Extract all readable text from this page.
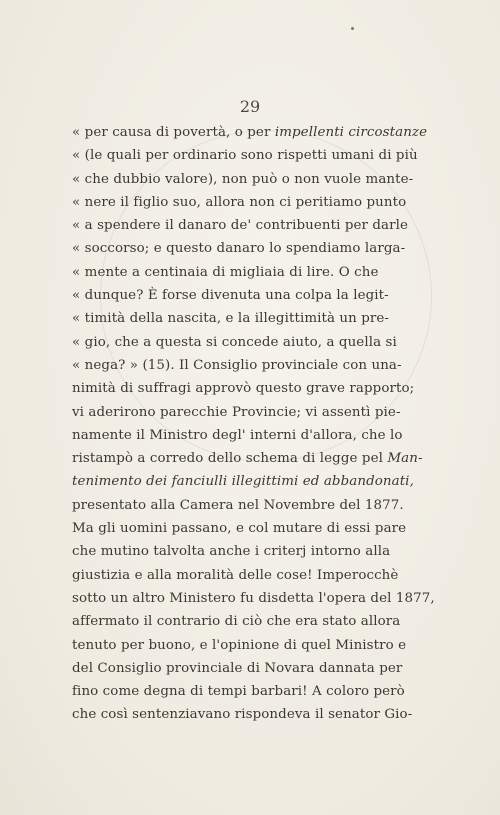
29
« per causa di povertà, o per impellenti circostanze
« (le quali per ordinario sono rispetti umani di più
« che dubbio valore), non può o non vuole mante-
« nere il figlio suo, allora non ci peritiamo punto
« a spendere il danaro de' contribuenti per darle
« soccorso; e questo danaro lo spendiamo larga-
« mente a centinaia di migliaia di lire. O che
« dunque? È forse divenuta una colpa la legit-
« timità della nascita, e la illegittimità un pre-
« gio, che a questa si concede aiuto, a quella si
« nega? » (15). Il Consiglio provinciale con una-
nimità di suffragi approvò questo grave rapporto;
vi aderirono parecchie Provincie; vi assentì pie-
namente il Ministro degl' interni d'allora, che lo
ristampò a corredo dello schema di legge pel Man-
tenimento dei fanciulli illegittimi ed abbandonati,
presentato alla Camera nel Novembre del 1877.
Ma gli uomini passano, e col mutare di essi pare
che mutino talvolta anche i criterj intorno alla
giustizia e alla moralità delle cose! Imperocchè
sotto un altro Ministero fu disdetta l'opera del 1877,
affermato il contrario di ciò che era stato allora
tenuto per buono, e l'opinione di quel Ministro e
del Consiglio provinciale di Novara dannata per
fino come degna di tempi barbari! A coloro però
che così sentenziavano rispondeva il senator Gio-
